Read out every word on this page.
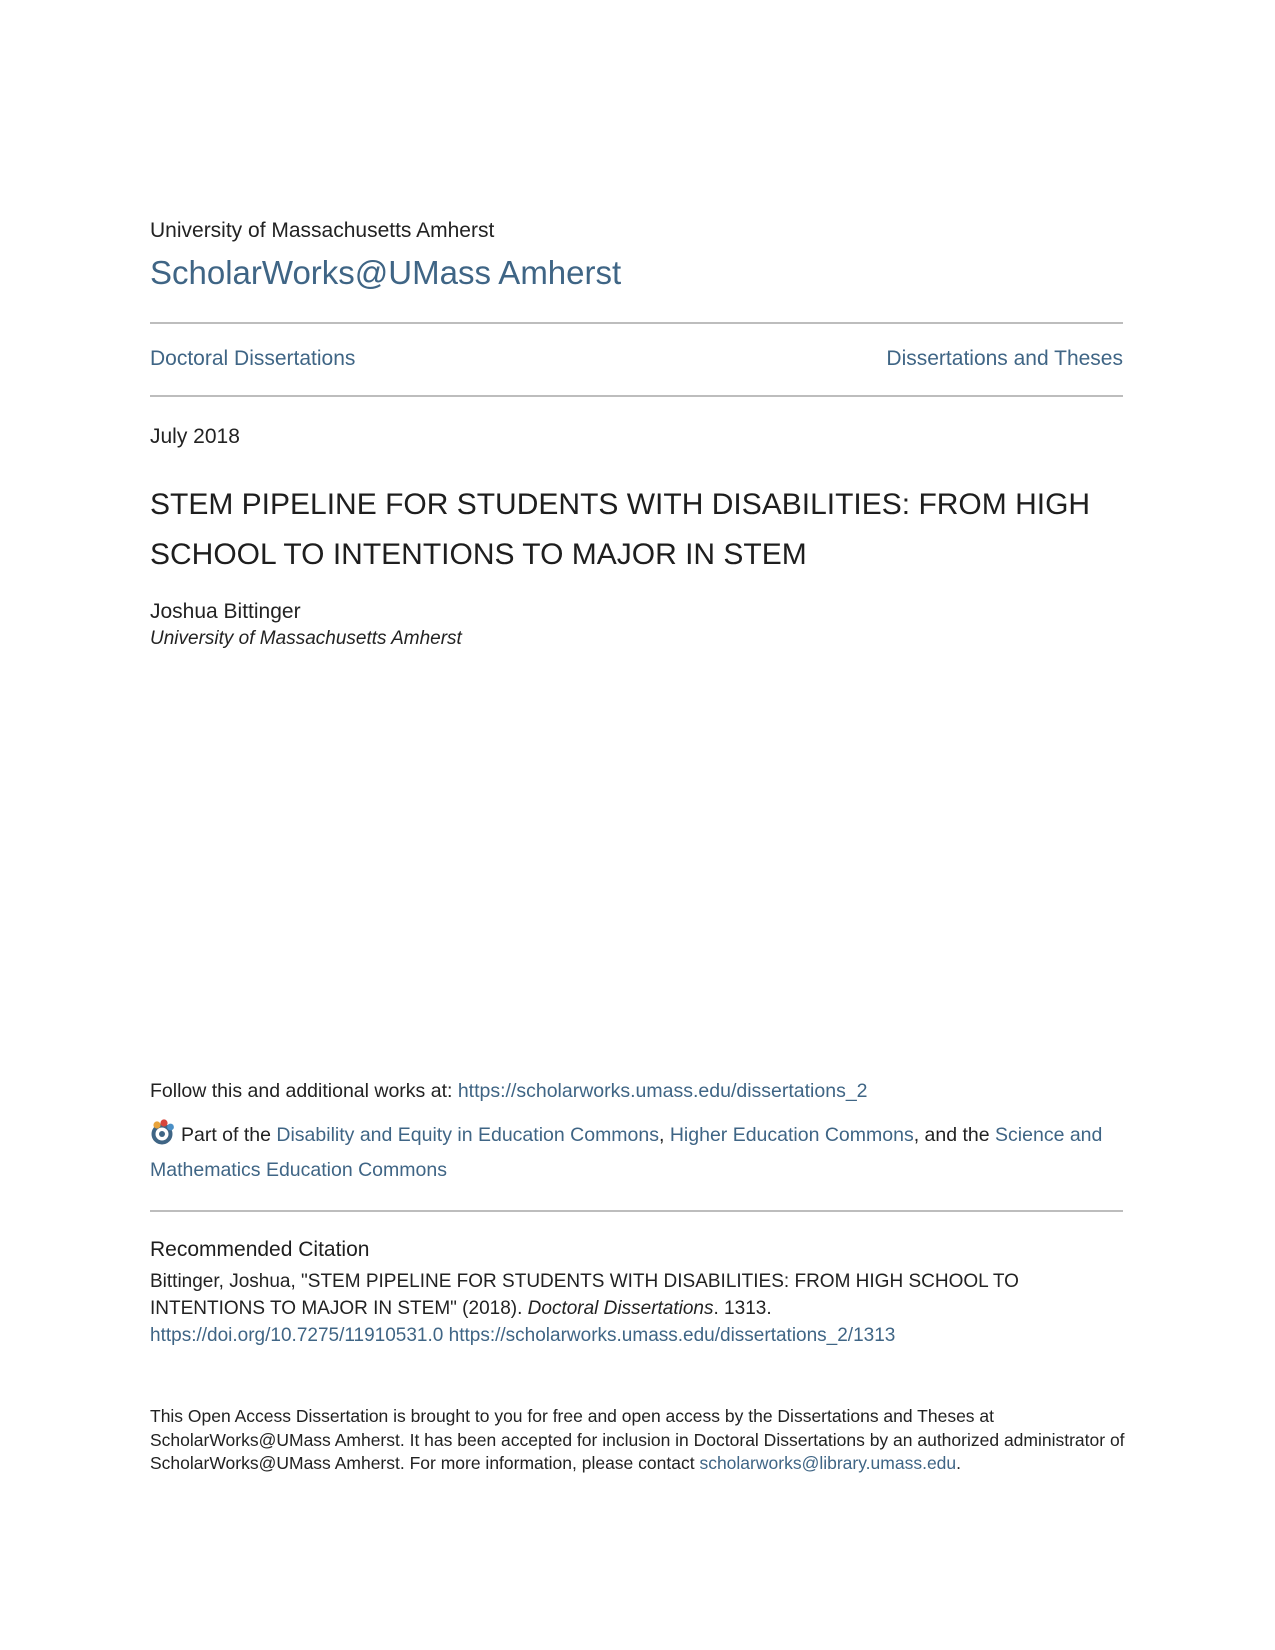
University of Massachusetts Amherst
ScholarWorks@UMass Amherst
Doctoral Dissertations	Dissertations and Theses
July 2018
STEM PIPELINE FOR STUDENTS WITH DISABILITIES: FROM HIGH SCHOOL TO INTENTIONS TO MAJOR IN STEM
Joshua Bittinger
University of Massachusetts Amherst
Follow this and additional works at: https://scholarworks.umass.edu/dissertations_2
Part of the Disability and Equity in Education Commons, Higher Education Commons, and the Science and Mathematics Education Commons
Recommended Citation
Bittinger, Joshua, "STEM PIPELINE FOR STUDENTS WITH DISABILITIES: FROM HIGH SCHOOL TO INTENTIONS TO MAJOR IN STEM" (2018). Doctoral Dissertations. 1313.
https://doi.org/10.7275/11910531.0 https://scholarworks.umass.edu/dissertations_2/1313
This Open Access Dissertation is brought to you for free and open access by the Dissertations and Theses at ScholarWorks@UMass Amherst. It has been accepted for inclusion in Doctoral Dissertations by an authorized administrator of ScholarWorks@UMass Amherst. For more information, please contact scholarworks@library.umass.edu.
